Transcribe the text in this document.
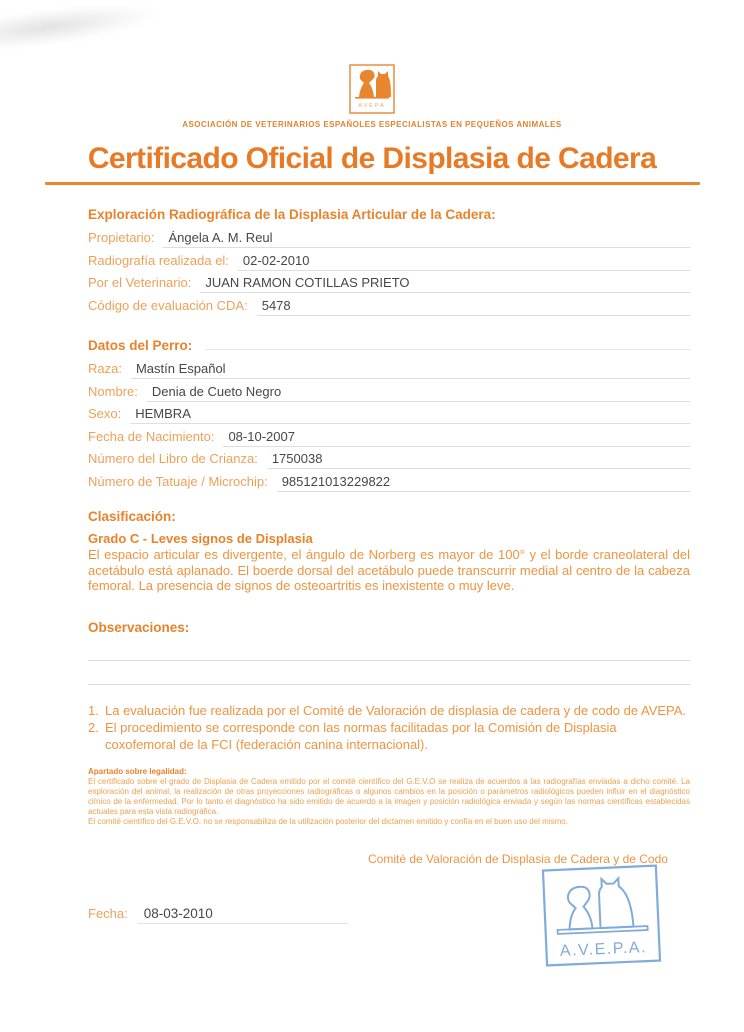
AVEPA
ASOCIACIÓN DE VETERINARIOS ESPAÑOLES ESPECIALISTAS EN PEQUEÑOS ANIMALES
Certificado Oficial de Displasia de Cadera
Exploración Radiográfica de la Displasia Articular de la Cadera:
Propietario:	Ángela A. M. Reul
Radiografía realizada el:	02-02-2010
Por el Veterinario:	JUAN RAMON COTILLAS PRIETO
Código de evaluación CDA:	5478
Datos del Perro:
Raza:	Mastín Español
Nombre:	Denia de Cueto Negro
Sexo:	HEMBRA
Fecha de Nacimiento:	08-10-2007
Número del Libro de Crianza:	1750038
Número de Tatuaje / Microchip:	985121013229822
Clasificación:
Grado C - Leves signos de Displasia

El espacio articular es divergente, el ángulo de Norberg es mayor de 100° y el borde craneolateral del acetábulo está aplanado. El boerde dorsal del acetábulo puede transcurrir medial al centro de la cabeza femoral. La presencia de signos de osteoartritis es inexistente o muy leve.

Observaciones:
1. La evaluación fue realizada por el Comité de Valoración de displasia de cadera y de codo de AVEPA.
2. El procedimiento se corresponde con las normas facilitadas por la Comisión de Displasia coxofemoral de la FCI (federación canina internacional).
Apartado sobre legalidad:

El certificado sobre el grado de Displasia de Cadera emitido por el comité científico del G.E.V.O se realiza de acuerdos a las radiografías enviadas a dicho comité. La exploración del animal, la realización de otras proyecciones radiográficas o algunos cambios en la posición o parámetros radiológicos pueden influir en el diagnóstico clínico de la enfermedad. Por lo tanto el diagnóstico ha sido emitido de acuerdo a la imagen y posición radiológica enviada y según las normas científicas establecidas actuales para esta vista radiográfica.

El comité científico del G.E.V.O. no se responsabiliza de la utilización posterior del dictamen emitido y confía en el buen uso del mismo.

Comité de Valoración de Displasia de Cadera y de Codo
A.V.E.P.A.
Fecha:	08-03-2010
